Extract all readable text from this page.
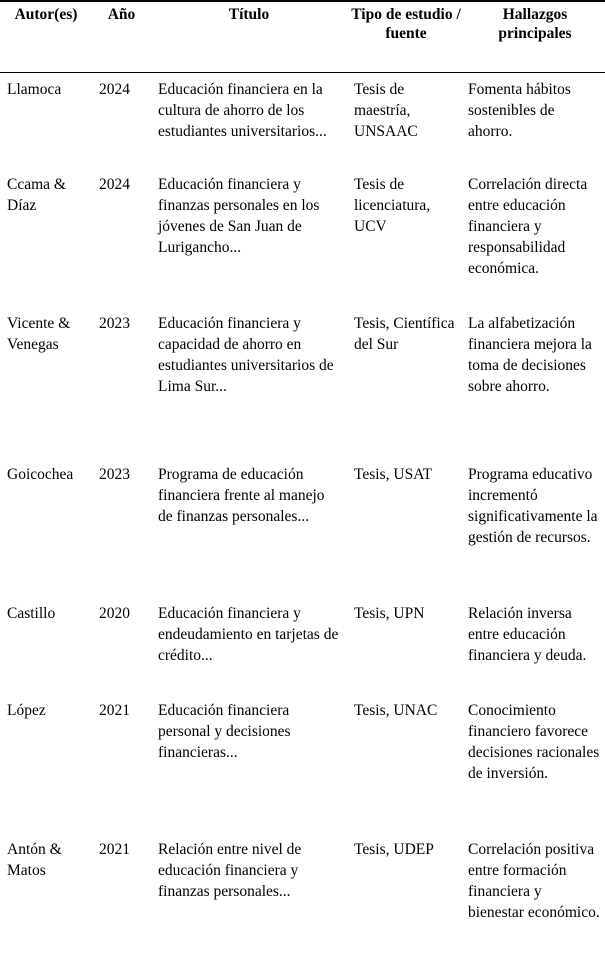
Autor(es)	Año	Título	Tipo de estudio / fuente	Hallazgos principales
Llamoca	2024	Educación financiera en la cultura de ahorro de los estudiantes universitarios...	Tesis de maestría, UNSAAC	Fomenta hábitos sostenibles de ahorro.
Ccama & Díaz	2024	Educación financiera y finanzas personales en los jóvenes de San Juan de Lurigancho...	Tesis de licenciatura, UCV	Correlación directa entre educación financiera y responsabilidad económica.
Vicente & Venegas	2023	Educación financiera y capacidad de ahorro en estudiantes universitarios de Lima Sur...	Tesis, Científica del Sur	La alfabetización financiera mejora la toma de decisiones sobre ahorro.
Goicochea	2023	Programa de educación financiera frente al manejo de finanzas personales...	Tesis, USAT	Programa educativo incrementó significativamente la gestión de recursos.
Castillo	2020	Educación financiera y endeudamiento en tarjetas de crédito...	Tesis, UPN	Relación inversa entre educación financiera y deuda.
López	2021	Educación financiera personal y decisiones financieras...	Tesis, UNAC	Conocimiento financiero favorece decisiones racionales de inversión.
Antón & Matos	2021	Relación entre nivel de educación financiera y finanzas personales...	Tesis, UDEP	Correlación positiva entre formación financiera y bienestar económico.
